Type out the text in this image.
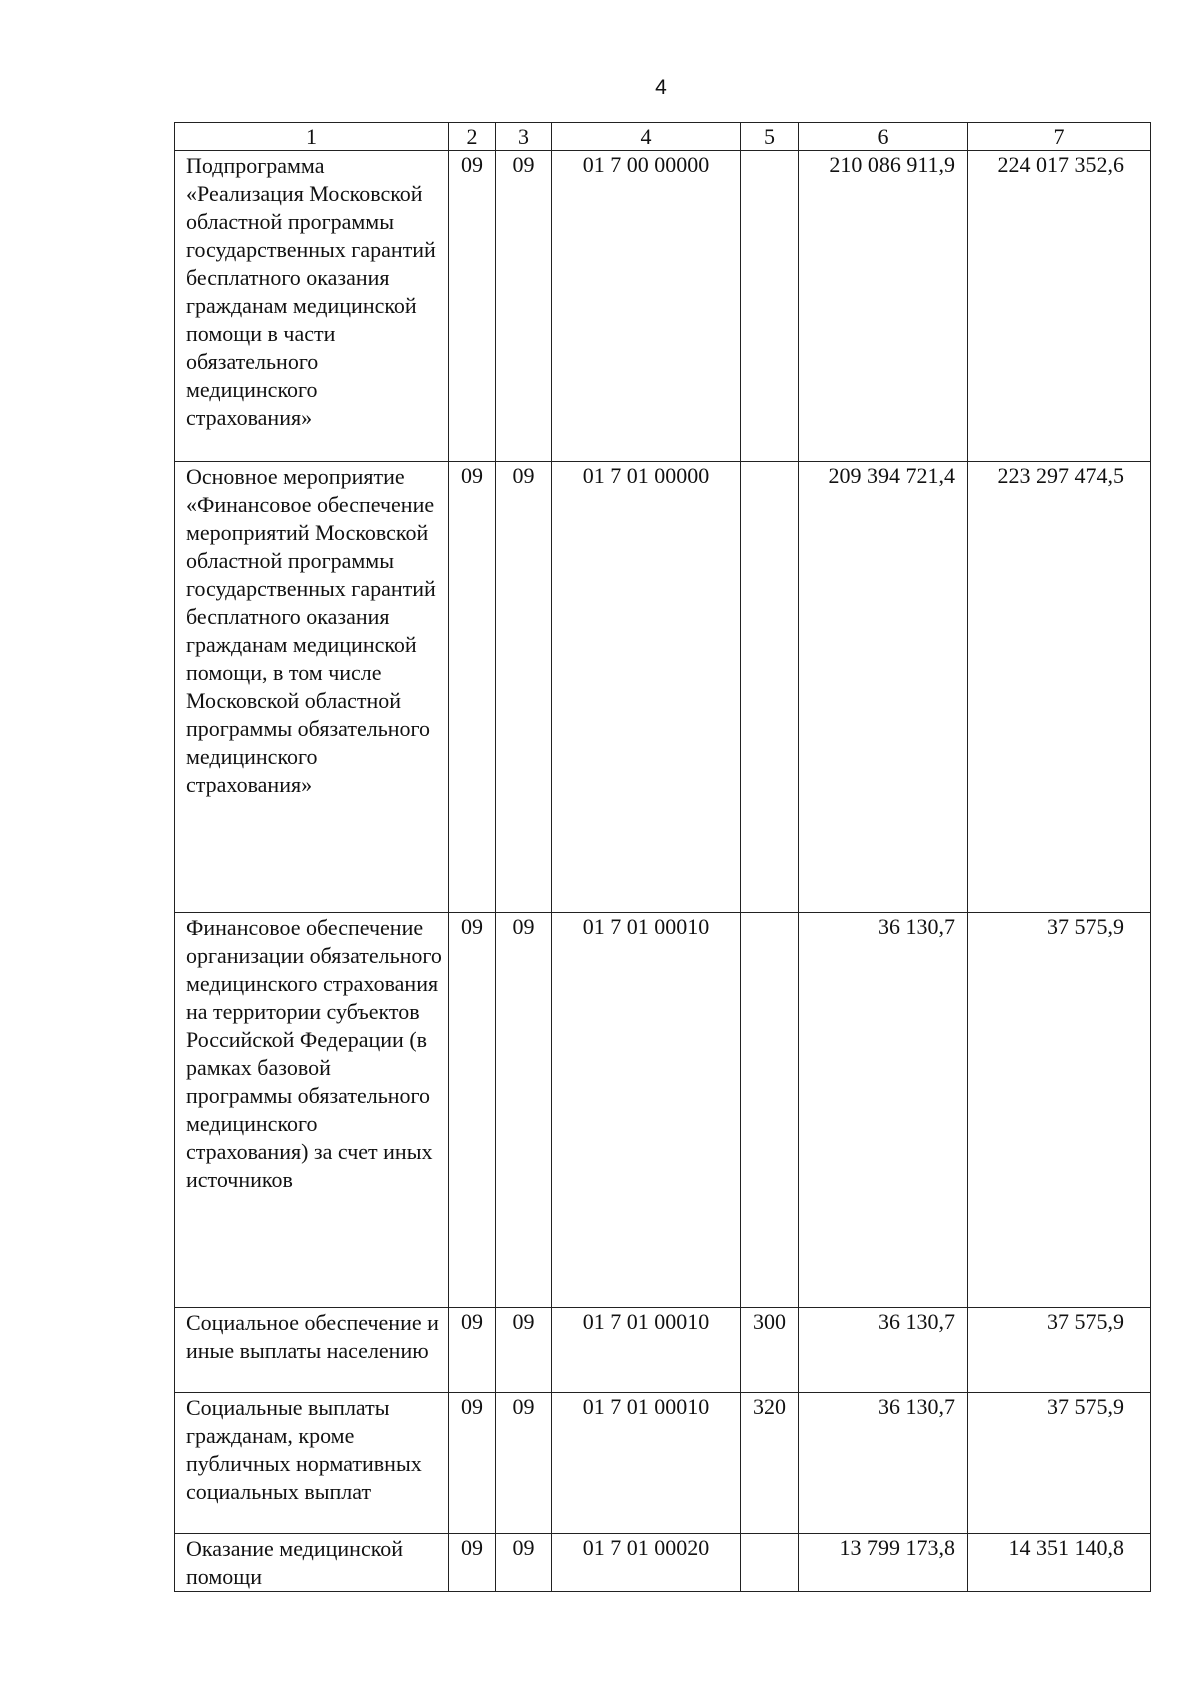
4
1	2	3	4	5	6	7
Подпрограмма «Реализация Московской областной программы государственных гарантий бесплатного оказания гражданам медицинской помощи в части обязательного медицинского страхования»	09	09	01 7 00 00000		210 086 911,9	224 017 352,6
Основное мероприятие «Финансовое обеспечение мероприятий Московской областной программы государственных гарантий бесплатного оказания гражданам медицинской помощи, в том числе Московской областной программы обязательного медицинского страхования»	09	09	01 7 01 00000		209 394 721,4	223 297 474,5
Финансовое обеспечение организации обязательного медицинского страхования на территории субъектов Российской Федерации (в рамках базовой программы обязательного медицинского страхования) за счет иных источников	09	09	01 7 01 00010		36 130,7	37 575,9
Социальное обеспечение и иные выплаты населению	09	09	01 7 01 00010	300	36 130,7	37 575,9
Социальные выплаты гражданам, кроме публичных нормативных социальных выплат	09	09	01 7 01 00010	320	36 130,7	37 575,9
Оказание медицинской помощи	09	09	01 7 01 00020		13 799 173,8	14 351 140,8
